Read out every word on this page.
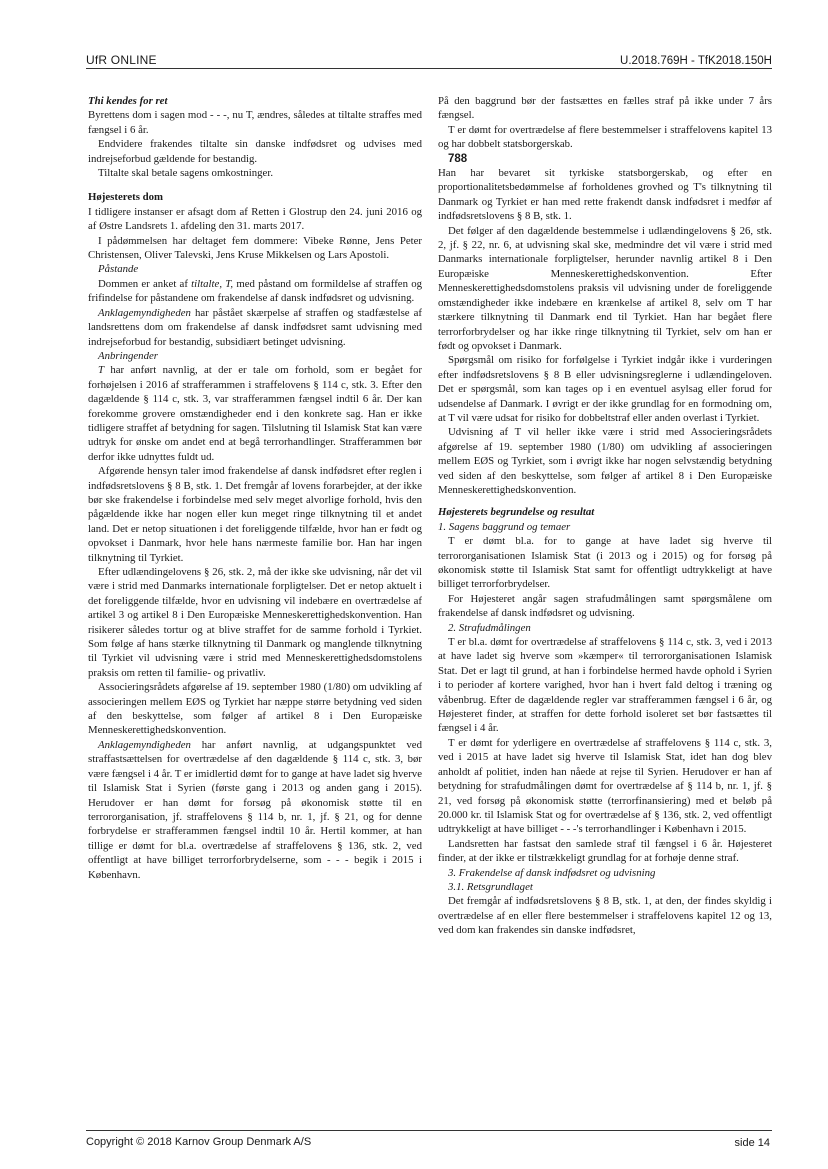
UfR ONLINE	U.2018.769H - TfK2018.150H

Thi kendes for ret

Byrettens dom i sagen mod - - -, nu T, ændres, således at tiltalte straffes med fængsel i 6 år.

Endvidere frakendes tiltalte sin danske indfødsret og udvises med indrejseforbud gældende for bestandig.

Tiltalte skal betale sagens omkostninger.

Højesterets dom

I tidligere instanser er afsagt dom af Retten i Glostrup den 24. juni 2016 og af Østre Landsrets 1. afdeling den 31. marts 2017.

I pådømmelsen har deltaget fem dommere: Vibeke Rønne, Jens Peter Christensen, Oliver Talevski, Jens Kruse Mikkelsen og Lars Apostoli.

Påstande

Dommen er anket af tiltalte, T, med påstand om formildelse af straffen og frifindelse for påstandene om frakendelse af dansk indfødsret og udvisning.

Anklagemyndigheden har påstået skærpelse af straffen og stadfæstelse af landsrettens dom om frakendelse af dansk indfødsret samt udvisning med indrejseforbud for bestandig, subsidiært betinget udvisning.

Anbringender

T har anført navnlig, at der er tale om forhold, som er begået for forhøjelsen i 2016 af strafferammen i straffelovens § 114 c, stk. 3. Efter den dagældende § 114 c, stk. 3, var strafferammen fængsel indtil 6 år. Der kan forekomme grovere omstændigheder end i den konkrete sag. Han er ikke tidligere straffet af betydning for sagen. Tilslutning til Islamisk Stat kan være udtryk for ønske om andet end at begå terrorhandlinger. Strafferammen bør derfor ikke udnyttes fuldt ud.

Afgørende hensyn taler imod frakendelse af dansk indfødsret efter reglen i indfødsretslovens § 8 B, stk. 1. Det fremgår af lovens forarbejder, at der ikke bør ske frakendelse i forbindelse med selv meget alvorlige forhold, hvis den pågældende ikke har nogen eller kun meget ringe tilknytning til et andet land. Det er netop situationen i det foreliggende tilfælde, hvor han er født og opvokset i Danmark, hvor hele hans nærmeste familie bor. Han har ingen tilknytning til Tyrkiet.

Efter udlændingelovens § 26, stk. 2, må der ikke ske udvisning, når det vil være i strid med Danmarks internationale forpligtelser. Det er netop aktuelt i det foreliggende tilfælde, hvor en udvisning vil indebære en overtrædelse af artikel 3 og artikel 8 i Den Europæiske Menneskerettighedskonvention. Han risikerer således tortur og at blive straffet for de samme forhold i Tyrkiet. Som følge af hans stærke tilknytning til Danmark og manglende tilknytning til Tyrkiet vil udvisning være i strid med Menneskerettighedsdomstolens praksis om retten til familie- og privatliv.

Associeringsrådets afgørelse af 19. september 1980 (1/80) om udvikling af associeringen mellem EØS og Tyrkiet har næppe større betydning ved siden af den beskyttelse, som følger af artikel 8 i Den Europæiske Menneskerettighedskonvention.

Anklagemyndigheden har anført navnlig, at udgangspunktet ved straffastsættelsen for overtrædelse af den dagældende § 114 c, stk. 3, bør være fængsel i 4 år. T er imidlertid dømt for to gange at have ladet sig hverve til Islamisk Stat i Syrien (første gang i 2013 og anden gang i 2015). Herudover er han dømt for forsøg på økonomisk støtte til en terrororganisation, jf. straffelovens § 114 b, nr. 1, jf. § 21, og for denne forbrydelse er strafferammen fængsel indtil 10 år. Hertil kommer, at han tillige er dømt for bl.a. overtrædelse af straffelovens § 136, stk. 2, ved offentligt at have billiget terrorforbrydelserne, som - - - begik i 2015 i København.

På den baggrund bør der fastsættes en fælles straf på ikke under 7 års fængsel.

T er dømt for overtrædelse af flere bestemmelser i straffelovens kapitel 13 og har dobbelt statsborgerskab.

788

Han har bevaret sit tyrkiske statsborgerskab, og efter en proportionalitetsbedømmelse af forholdenes grovhed og T's tilknytning til Danmark og Tyrkiet er han med rette frakendt dansk indfødsret i medfør af indfødsretslovens § 8 B, stk. 1.

Det følger af den dagældende bestemmelse i udlændingelovens § 26, stk. 2, jf. § 22, nr. 6, at udvisning skal ske, medmindre det vil være i strid med Danmarks internationale forpligtelser, herunder navnlig artikel 8 i Den Europæiske Menneskerettighedskonvention. Efter Menneskerettighedsdomstolens praksis vil udvisning under de foreliggende omstændigheder ikke indebære en krænkelse af artikel 8, selv om T har stærkere tilknytning til Danmark end til Tyrkiet. Han har begået flere terrorforbrydelser og har ikke ringe tilknytning til Tyrkiet, selv om han er født og opvokset i Danmark.

Spørgsmål om risiko for forfølgelse i Tyrkiet indgår ikke i vurderingen efter indfødsretslovens § 8 B eller udvisningsreglerne i udlændingeloven. Det er spørgsmål, som kan tages op i en eventuel asylsag eller forud for udsendelse af Danmark. I øvrigt er der ikke grundlag for en formodning om, at T vil være udsat for risiko for dobbeltstraf eller anden overlast i Tyrkiet.

Udvisning af T vil heller ikke være i strid med Associeringsrådets afgørelse af 19. september 1980 (1/80) om udvikling af associeringen mellem EØS og Tyrkiet, som i øvrigt ikke har nogen selvstændig betydning ved siden af den beskyttelse, som følger af artikel 8 i Den Europæiske Menneskerettighedskonvention.

Højesterets begrundelse og resultat

1. Sagens baggrund og temaer

T er dømt bl.a. for to gange at have ladet sig hverve til terrororganisationen Islamisk Stat (i 2013 og i 2015) og for forsøg på økonomisk støtte til Islamisk Stat samt for offentligt udtrykkeligt at have billiget terrorforbrydelser.

For Højesteret angår sagen strafudmålingen samt spørgsmålene om frakendelse af dansk indfødsret og udvisning.

2. Strafudmålingen

T er bl.a. dømt for overtrædelse af straffelovens § 114 c, stk. 3, ved i 2013 at have ladet sig hverve som »kæmper« til terrororganisationen Islamisk Stat. Det er lagt til grund, at han i forbindelse hermed havde ophold i Syrien i to perioder af kortere varighed, hvor han i hvert fald deltog i træning og våbenbrug. Efter de dagældende regler var strafferammen fængsel i 6 år, og Højesteret finder, at straffen for dette forhold isoleret set bør fastsættes til fængsel i 4 år.

T er dømt for yderligere en overtrædelse af straffelovens § 114 c, stk. 3, ved i 2015 at have ladet sig hverve til Islamisk Stat, idet han dog blev anholdt af politiet, inden han nåede at rejse til Syrien. Herudover er han af betydning for strafudmålingen dømt for overtrædelse af § 114 b, nr. 1, jf. § 21, ved forsøg på økonomisk støtte (terrorfinansiering) med et beløb på 20.000 kr. til Islamisk Stat og for overtrædelse af § 136, stk. 2, ved offentligt udtrykkeligt at have billiget - - -'s terrorhandlinger i København i 2015.

Landsretten har fastsat den samlede straf til fængsel i 6 år. Højesteret finder, at der ikke er tilstrækkeligt grundlag for at forhøje denne straf.

3. Frakendelse af dansk indfødsret og udvisning

3.1. Retsgrundlaget

Det fremgår af indfødsretslovens § 8 B, stk. 1, at den, der findes skyldig i overtrædelse af en eller flere bestemmelser i straffelovens kapitel 12 og 13, ved dom kan frakendes sin danske indfødsret,

Copyright © 2018 Karnov Group Denmark A/S	side 14
